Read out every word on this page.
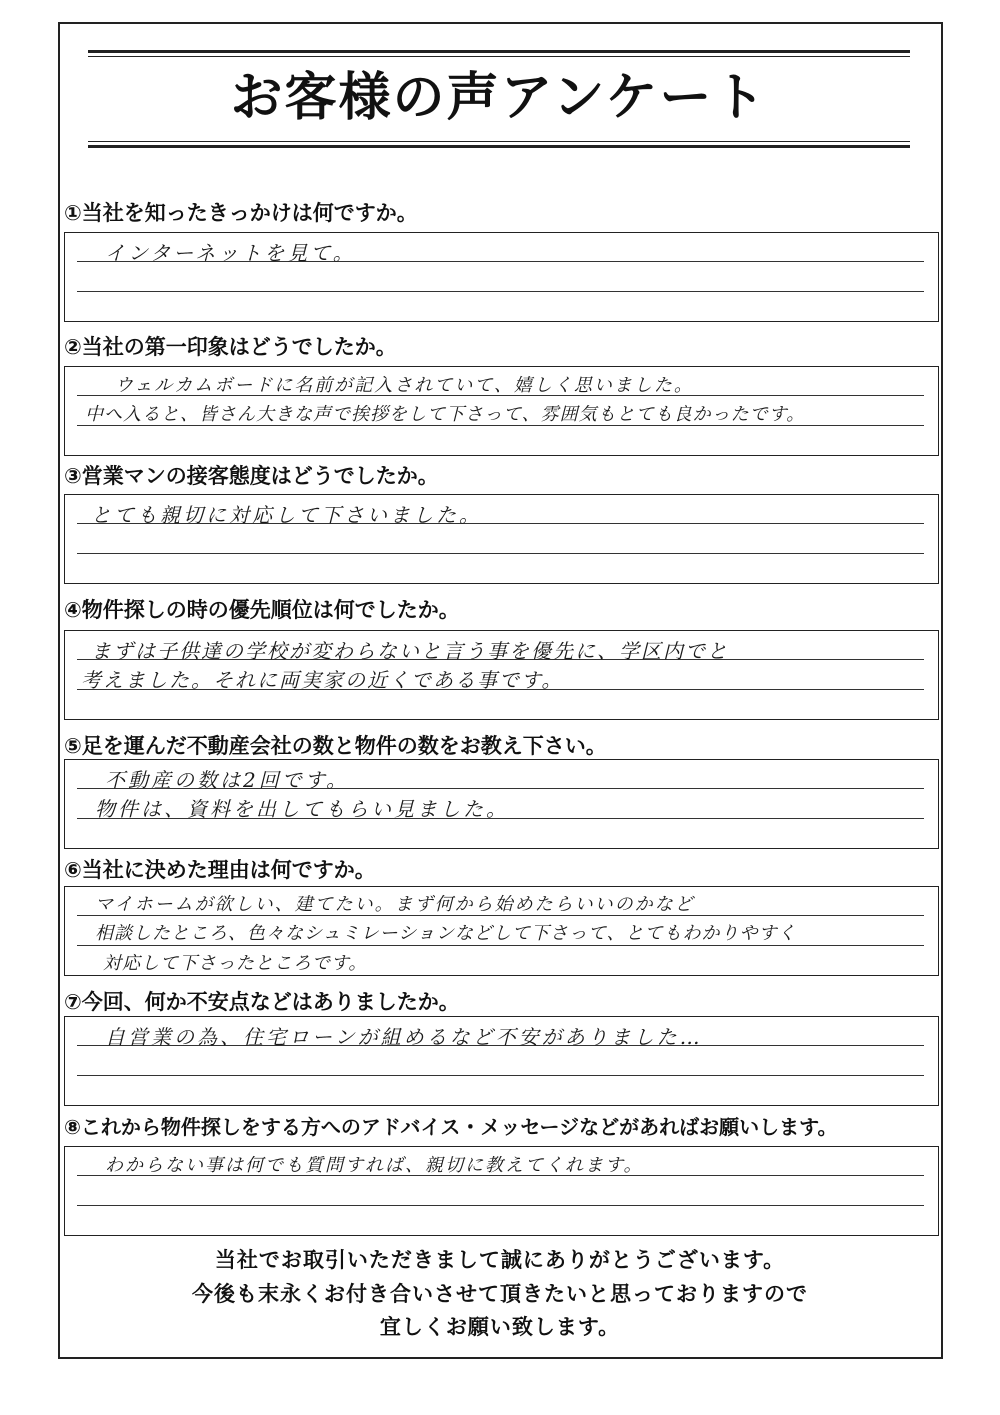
お客様の声アンケート
①当社を知ったきっかけは何ですか。
インターネットを見て。
②当社の第一印象はどうでしたか。
ウェルカムボードに名前が記入されていて、嬉しく思いました。
中へ入ると、皆さん大きな声で挨拶をして下さって、雰囲気もとても良かったです。
③営業マンの接客態度はどうでしたか。
とても親切に対応して下さいました。
④物件探しの時の優先順位は何でしたか。
まずは子供達の学校が変わらないと言う事を優先に、学区内でと
考えました。それに両実家の近くである事です。
⑤足を運んだ不動産会社の数と物件の数をお教え下さい。
不動産の数は2回です。
物件は、資料を出してもらい見ました。
⑥当社に決めた理由は何ですか。
マイホームが欲しい、建てたい。まず何から始めたらいいのかなど
相談したところ、色々なシュミレーションなどして下さって、とてもわかりやすく
対応して下さったところです。
⑦今回、何か不安点などはありましたか。
自営業の為、住宅ローンが組めるなど不安がありました…
⑧これから物件探しをする方へのアドバイス・メッセージなどがあればお願いします。
わからない事は何でも質問すれば、親切に教えてくれます。
当社でお取引いただきまして誠にありがとうございます。
今後も末永くお付き合いさせて頂きたいと思っておりますので
宜しくお願い致します。
